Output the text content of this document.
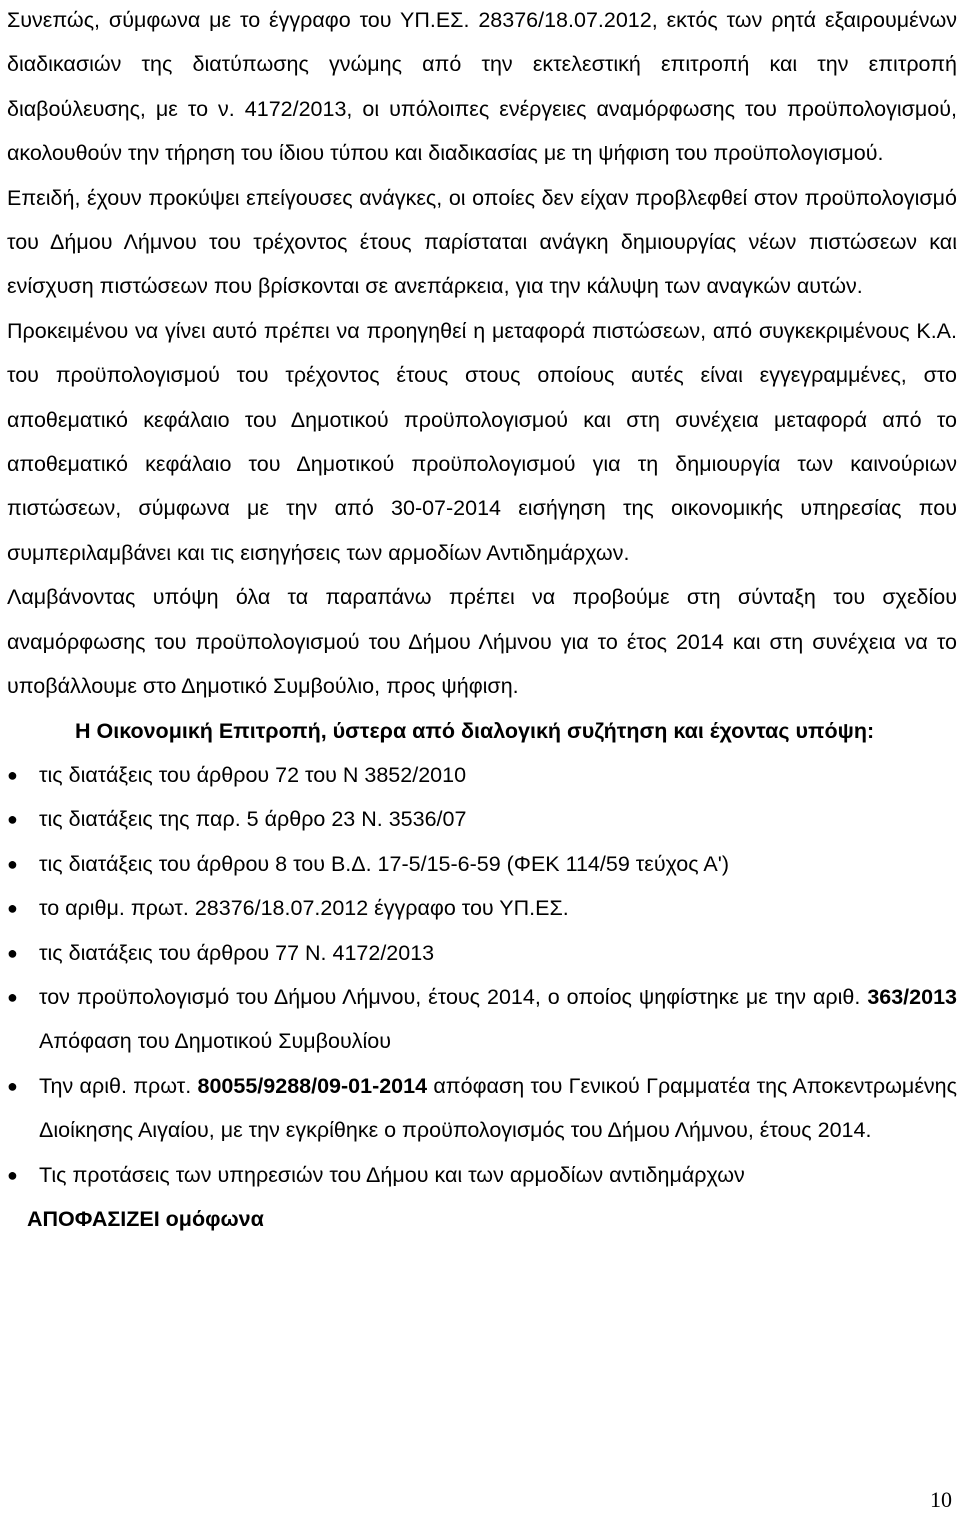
Συνεπώς, σύμφωνα με το έγγραφο του ΥΠ.ΕΣ. 28376/18.07.2012, εκτός των ρητά εξαιρουμένων διαδικασιών της διατύπωσης γνώμης από την εκτελεστική επιτροπή και την επιτροπή διαβούλευσης, με το ν. 4172/2013, οι υπόλοιπες ενέργειες αναμόρφωσης του προϋπολογισμού, ακολουθούν την τήρηση του ίδιου τύπου και διαδικασίας με τη ψήφιση του προϋπολογισμού.

Επειδή, έχουν προκύψει επείγουσες ανάγκες, οι οποίες δεν είχαν προβλεφθεί στον προϋπολογισμό του Δήμου Λήμνου του τρέχοντος έτους παρίσταται ανάγκη δημιουργίας νέων πιστώσεων και ενίσχυση πιστώσεων που βρίσκονται σε ανεπάρκεια, για την κάλυψη των αναγκών αυτών.

Προκειμένου να γίνει αυτό πρέπει να προηγηθεί η μεταφορά πιστώσεων, από συγκεκριμένους Κ.Α. του προϋπολογισμού του τρέχοντος έτους στους οποίους αυτές είναι εγγεγραμμένες, στο αποθεματικό κεφάλαιο του Δημοτικού προϋπολογισμού και στη συνέχεια μεταφορά από το αποθεματικό κεφάλαιο του Δημοτικού προϋπολογισμού για τη δημιουργία των καινούριων πιστώσεων, σύμφωνα με την από 30-07-2014 εισήγηση της οικονομικής υπηρεσίας που συμπεριλαμβάνει και τις εισηγήσεις των αρμοδίων Αντιδημάρχων.

Λαμβάνοντας υπόψη όλα τα παραπάνω πρέπει να προβούμε στη σύνταξη του σχεδίου αναμόρφωσης του προϋπολογισμού του Δήμου Λήμνου για το έτος 2014 και στη συνέχεια να το υποβάλλουμε στο Δημοτικό Συμβούλιο, προς ψήφιση.

Η Οικονομική Επιτροπή, ύστερα από διαλογική συζήτηση και έχοντας υπόψη:

● τις διατάξεις του άρθρου 72 του Ν 3852/2010
● τις διατάξεις της παρ. 5 άρθρο 23 Ν. 3536/07
● τις διατάξεις του άρθρου 8 του Β.Δ. 17-5/15-6-59 (ΦΕΚ 114/59 τεύχος Α')
● το αριθμ. πρωτ. 28376/18.07.2012 έγγραφο του ΥΠ.ΕΣ.
● τις διατάξεις του άρθρου 77 Ν. 4172/2013
● τον προϋπολογισμό του Δήμου Λήμνου, έτους 2014, ο οποίος ψηφίστηκε με την αριθ. 363/2013 Απόφαση του Δημοτικού Συμβουλίου
● Την αριθ. πρωτ. 80055/9288/09-01-2014 απόφαση του Γενικού Γραμματέα της Αποκεντρωμένης Διοίκησης Αιγαίου, με την εγκρίθηκε ο προϋπολογισμός του Δήμου Λήμνου, έτους 2014.
● Τις προτάσεις των υπηρεσιών του Δήμου και των αρμοδίων αντιδημάρχων

ΑΠΟΦΑΣΙΖΕΙ ομόφωνα

10
